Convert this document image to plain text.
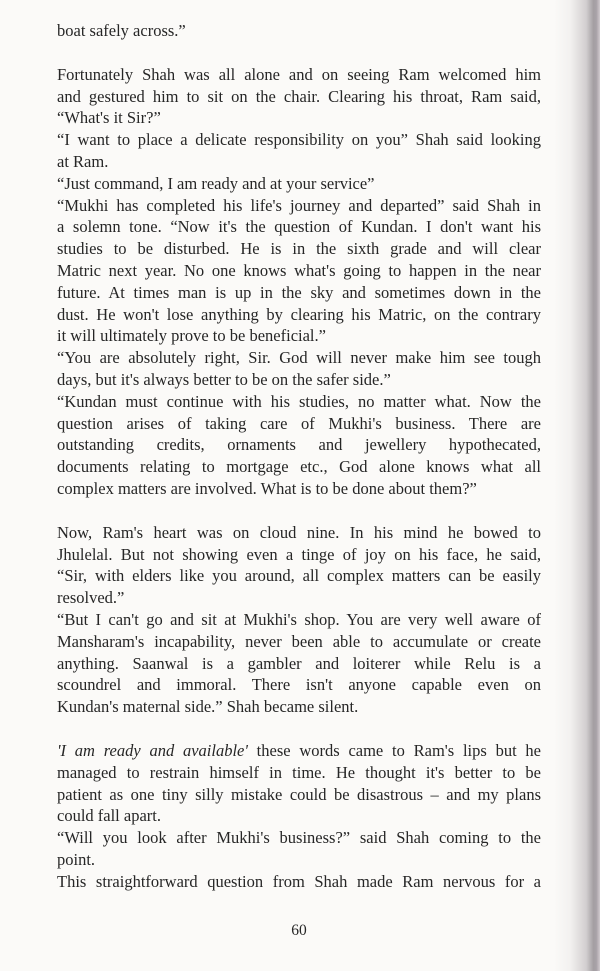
boat safely across.”
Fortunately Shah was all alone and on seeing Ram welcomed him
and gestured him to sit on the chair. Clearing his throat, Ram said,
“What's it Sir?”
“I want to place a delicate responsibility on you” Shah said looking
at Ram.
“Just command, I am ready and at your service”
“Mukhi has completed his life's journey and departed” said Shah in
a solemn tone. “Now it's the question of Kundan. I don't want his
studies to be disturbed. He is in the sixth grade and will clear
Matric next year. No one knows what's going to happen in the near
future. At times man is up in the sky and sometimes down in the
dust. He won't lose anything by clearing his Matric, on the contrary
it will ultimately prove to be beneficial.”
“You are absolutely right, Sir. God will never make him see tough
days, but it's always better to be on the safer side.”
“Kundan must continue with his studies, no matter what. Now the
question arises of taking care of Mukhi's business. There are
outstanding credits, ornaments and jewellery hypothecated,
documents relating to mortgage etc., God alone knows what all
complex matters are involved. What is to be done about them?”
Now, Ram's heart was on cloud nine. In his mind he bowed to
Jhulelal. But not showing even a tinge of joy on his face, he said,
“Sir, with elders like you around, all complex matters can be easily
resolved.”
“But I can't go and sit at Mukhi's shop. You are very well aware of
Mansharam's incapability, never been able to accumulate or create
anything. Saanwal is a gambler and loiterer while Relu is a
scoundrel and immoral. There isn't anyone capable even on
Kundan's maternal side.” Shah became silent.
'I am ready and available' these words came to Ram's lips but he
managed to restrain himself in time. He thought it's better to be
patient as one tiny silly mistake could be disastrous – and my plans
could fall apart.
“Will you look after Mukhi's business?” said Shah coming to the
point.
This straightforward question from Shah made Ram nervous for a
60
